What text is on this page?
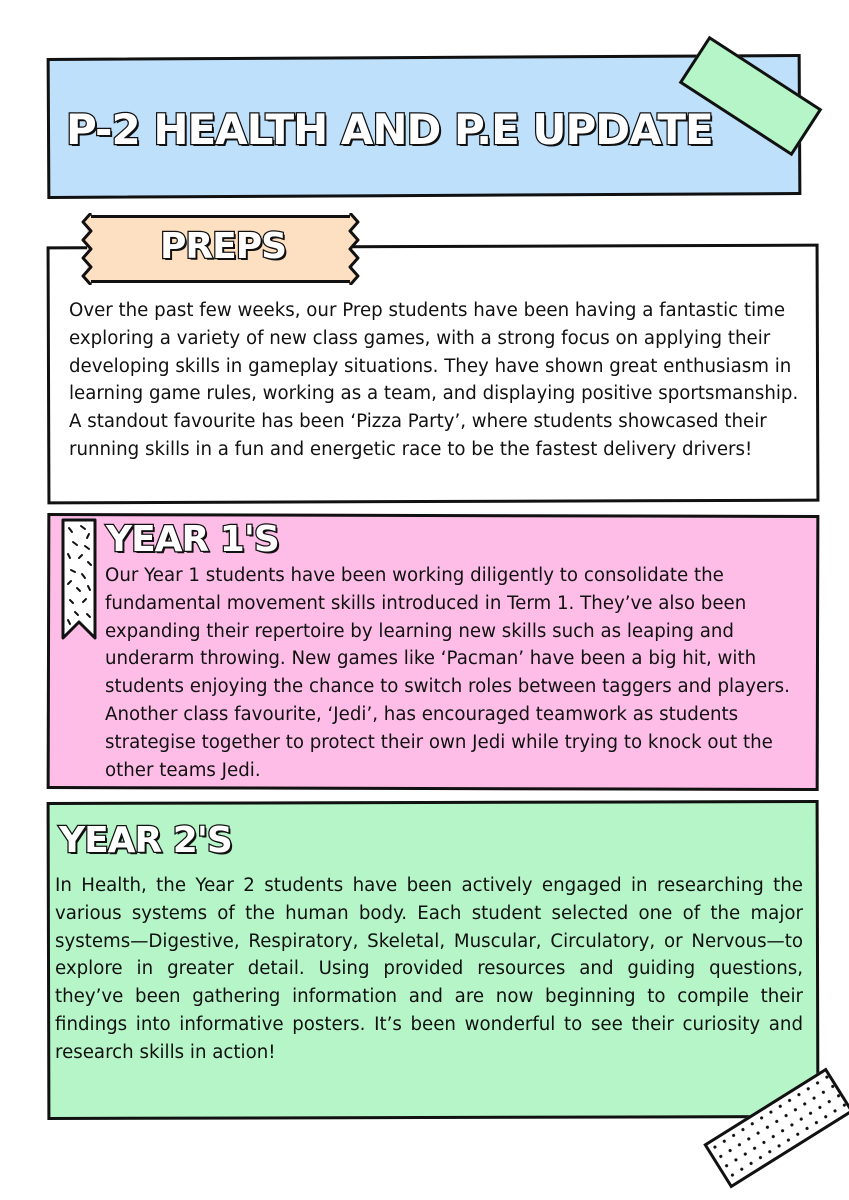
P-2 HEALTH AND P.E UPDATE
PREPS

Over the past few weeks, our Prep students have been having a fantastic time exploring a variety of new class games, with a strong focus on applying their developing skills in gameplay situations. They have shown great enthusiasm in learning game rules, working as a team, and displaying positive sportsmanship. A standout favourite has been ‘Pizza Party’, where students showcased their running skills in a fun and energetic race to be the fastest delivery drivers!

YEAR 1'S

Our Year 1 students have been working diligently to consolidate the fundamental movement skills introduced in Term 1. They’ve also been expanding their repertoire by learning new skills such as leaping and underarm throwing. New games like ‘Pacman’ have been a big hit, with students enjoying the chance to switch roles between taggers and players. Another class favourite, ‘Jedi’, has encouraged teamwork as students strategise together to protect their own Jedi while trying to knock out the other teams Jedi.

YEAR 2'S

In Health, the Year 2 students have been actively engaged in researching the various systems of the human body. Each student selected one of the major systems—Digestive, Respiratory, Skeletal, Muscular, Circulatory, or Nervous—to explore in greater detail. Using provided resources and guiding questions, they’ve been gathering information and are now beginning to compile their findings into informative posters. It’s been wonderful to see their curiosity and research skills in action!
